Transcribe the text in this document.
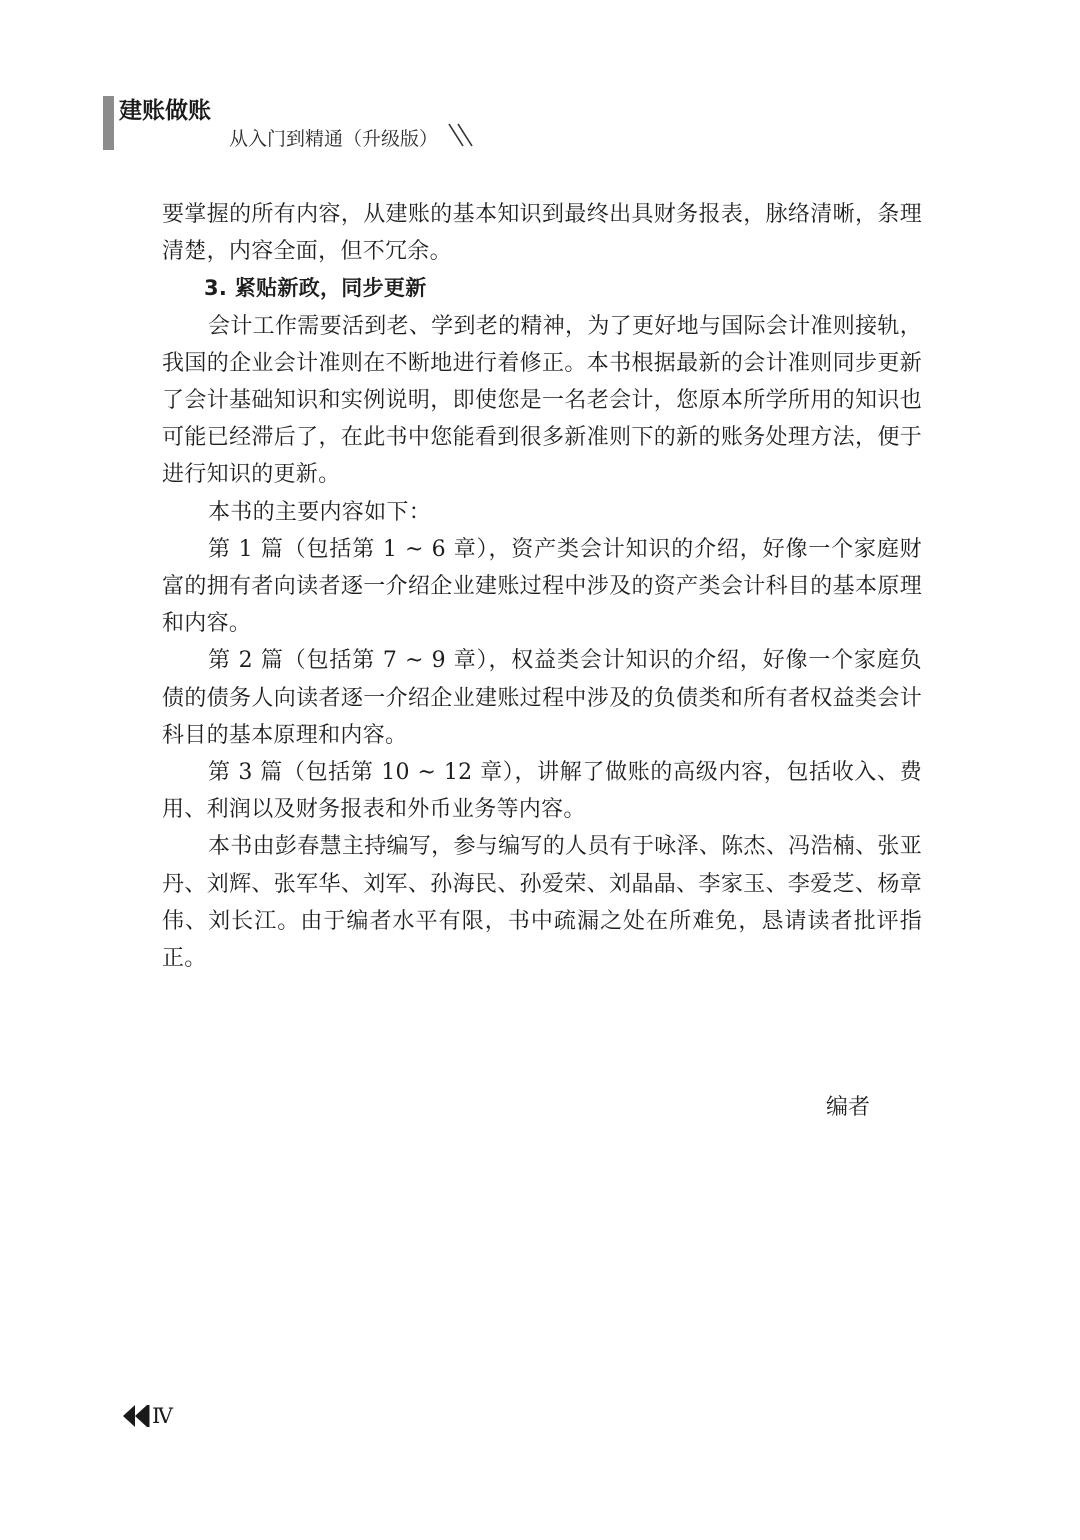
建账做账
从入门到精通（升级版）

要掌握的所有内容，从建账的基本知识到最终出具财务报表，脉络清晰，条理清楚，内容全面，但不冗余。

3. 紧贴新政，同步更新

会计工作需要活到老、学到老的精神，为了更好地与国际会计准则接轨，我国的企业会计准则在不断地进行着修正。本书根据最新的会计准则同步更新了会计基础知识和实例说明，即使您是一名老会计，您原本所学所用的知识也可能已经滞后了，在此书中您能看到很多新准则下的新的账务处理方法，便于进行知识的更新。

本书的主要内容如下：

第 1 篇（包括第 1 ~ 6 章），资产类会计知识的介绍，好像一个家庭财富的拥有者向读者逐一介绍企业建账过程中涉及的资产类会计科目的基本原理和内容。

第 2 篇（包括第 7 ~ 9 章），权益类会计知识的介绍，好像一个家庭负债的债务人向读者逐一介绍企业建账过程中涉及的负债类和所有者权益类会计科目的基本原理和内容。

第 3 篇（包括第 10 ~ 12 章），讲解了做账的高级内容，包括收入、费用、利润以及财务报表和外币业务等内容。

本书由彭春慧主持编写，参与编写的人员有于咏泽、陈杰、冯浩楠、张亚丹、刘辉、张军华、刘军、孙海民、孙爱荣、刘晶晶、李家玉、李爱芝、杨章伟、刘长江。由于编者水平有限，书中疏漏之处在所难免，恳请读者批评指正。

编者
Ⅳ
